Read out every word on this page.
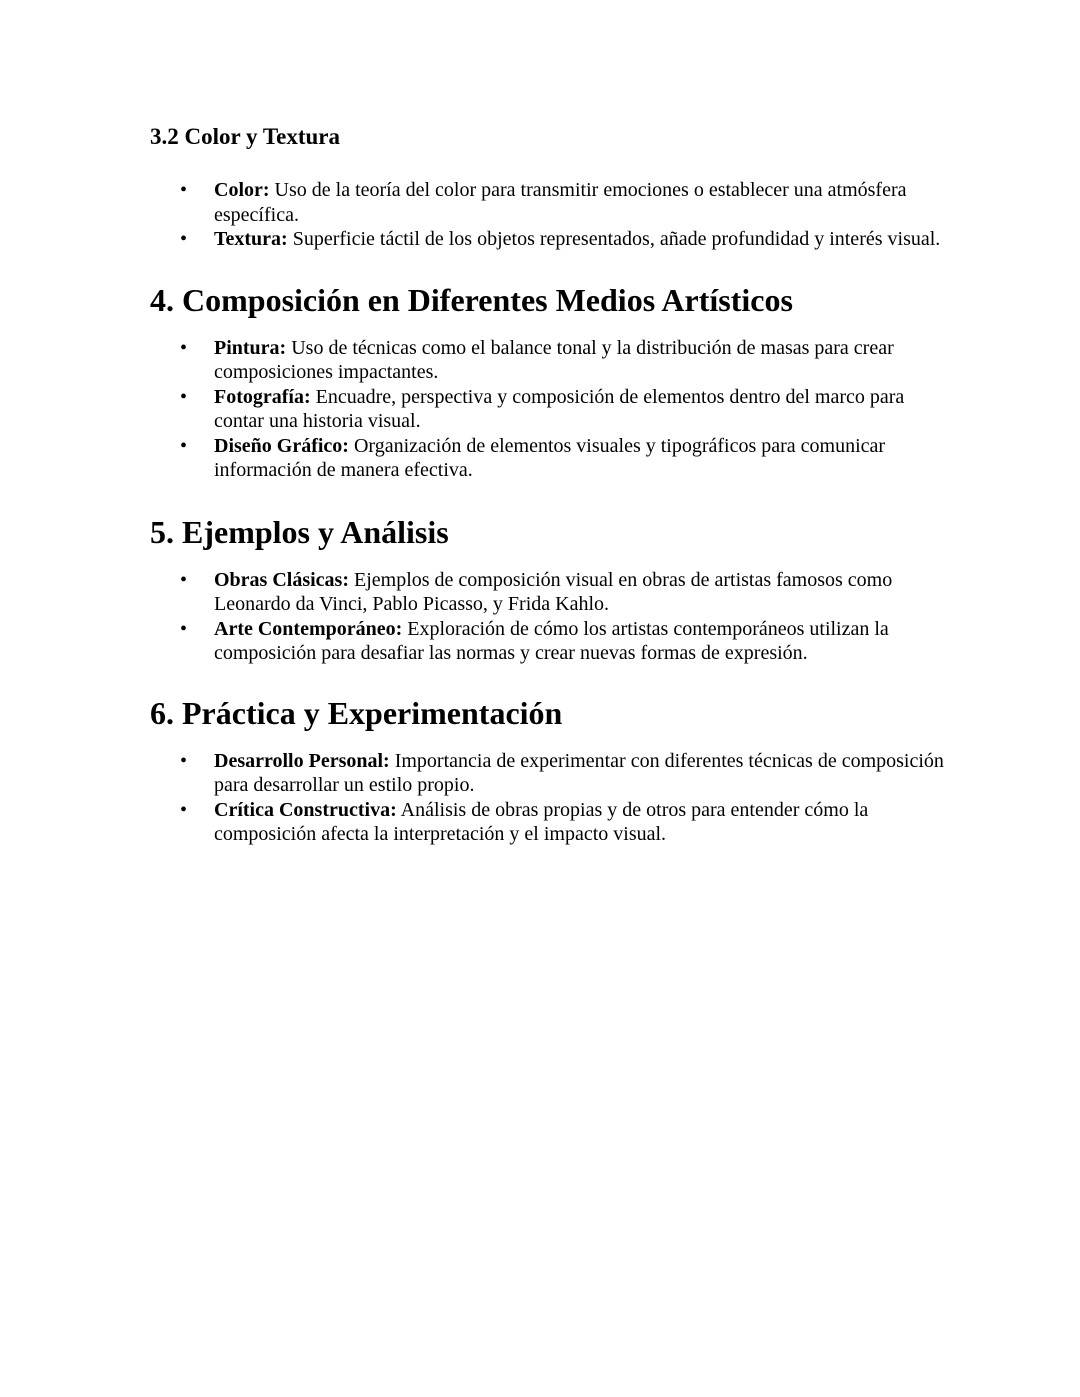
3.2 Color y Textura
• Color: Uso de la teoría del color para transmitir emociones o establecer una atmósfera específica.
• Textura: Superficie táctil de los objetos representados, añade profundidad y interés visual.
4. Composición en Diferentes Medios Artísticos
• Pintura: Uso de técnicas como el balance tonal y la distribución de masas para crear composiciones impactantes.
• Fotografía: Encuadre, perspectiva y composición de elementos dentro del marco para contar una historia visual.
• Diseño Gráfico: Organización de elementos visuales y tipográficos para comunicar información de manera efectiva.
5. Ejemplos y Análisis
• Obras Clásicas: Ejemplos de composición visual en obras de artistas famosos como Leonardo da Vinci, Pablo Picasso, y Frida Kahlo.
• Arte Contemporáneo: Exploración de cómo los artistas contemporáneos utilizan la composición para desafiar las normas y crear nuevas formas de expresión.
6. Práctica y Experimentación
• Desarrollo Personal: Importancia de experimentar con diferentes técnicas de composición para desarrollar un estilo propio.
• Crítica Constructiva: Análisis de obras propias y de otros para entender cómo la composición afecta la interpretación y el impacto visual.
